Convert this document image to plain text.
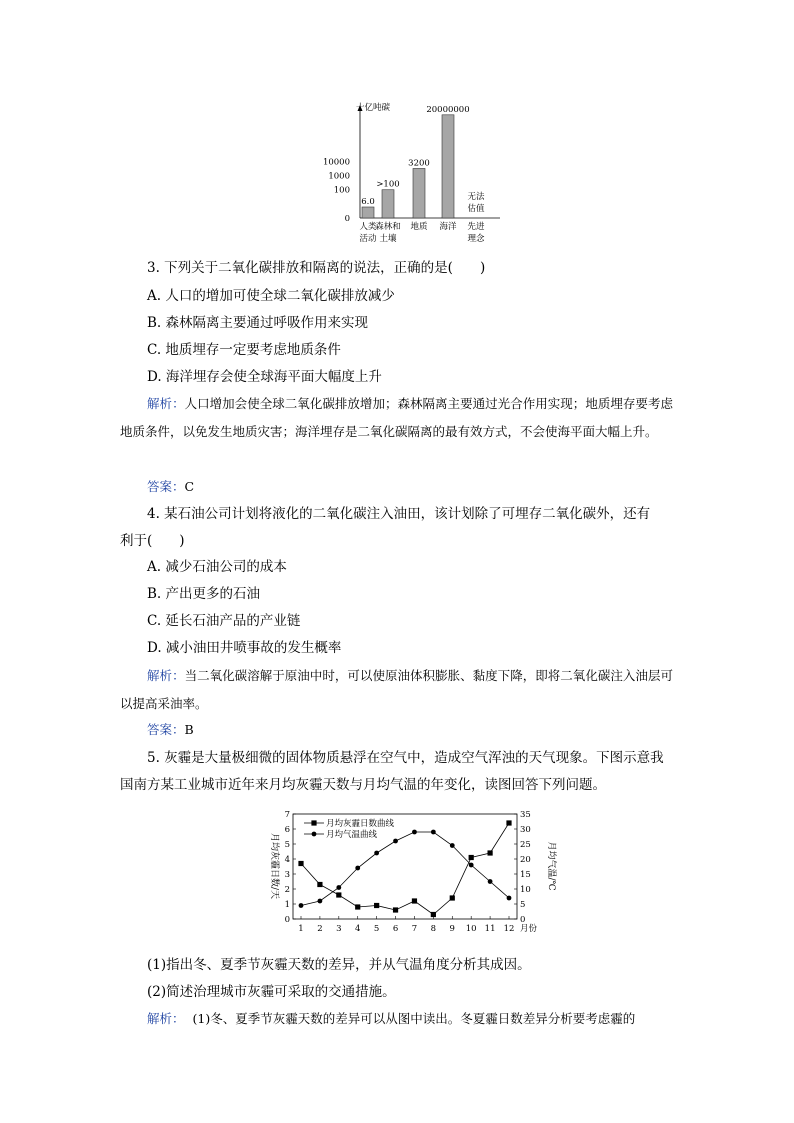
十亿吨碳
0
100
1000
10000
6.0
人类
活动
>100
森林和
土壤
3200
地质
20000000
海洋
无法
估值
先进
理念
3. 下列关于二氧化碳排放和隔离的说法，正确的是(　　)
A. 人口的增加可使全球二氧化碳排放减少
B. 森林隔离主要通过呼吸作用来实现
C. 地质埋存一定要考虑地质条件
D. 海洋埋存会使全球海平面大幅度上升
解析：人口增加会使全球二氧化碳排放增加；森林隔离主要通过光合作用实现；地质埋存要考虑地质条件，以免发生地质灾害；海洋埋存是二氧化碳隔离的最有效方式，不会使海平面大幅上升。
答案：C
4. 某石油公司计划将液化的二氧化碳注入油田，该计划除了可埋存二氧化碳外，还有
利于(　　)
A. 减少石油公司的成本
B. 产出更多的石油
C. 延长石油产品的产业链
D. 减小油田井喷事故的发生概率
解析：当二氧化碳溶解于原油中时，可以使原油体积膨胀、黏度下降，即将二氧化碳注入油层可以提高采油率。
答案：B
5. 灰霾是大量极细微的固体物质悬浮在空气中，造成空气浑浊的天气现象。下图示意我国南方某工业城市近年来月均灰霾天数与月均气温的年变化，读图回答下列问题。
0
1
2
3
4
5
6
7
0
5
10
15
20
25
30
35
1 2 3 4 5 6 7 8 9 10 11 12 月份
月均灰霾日数/天	月均气温/℃
月均灰霾日数曲线
月均气温曲线
(1)指出冬、夏季节灰霾天数的差异，并从气温角度分析其成因。
(2)简述治理城市灰霾可采取的交通措施。
解析： (1)冬、夏季节灰霾天数的差异可以从图中读出。冬夏霾日数差异分析要考虑霾的
